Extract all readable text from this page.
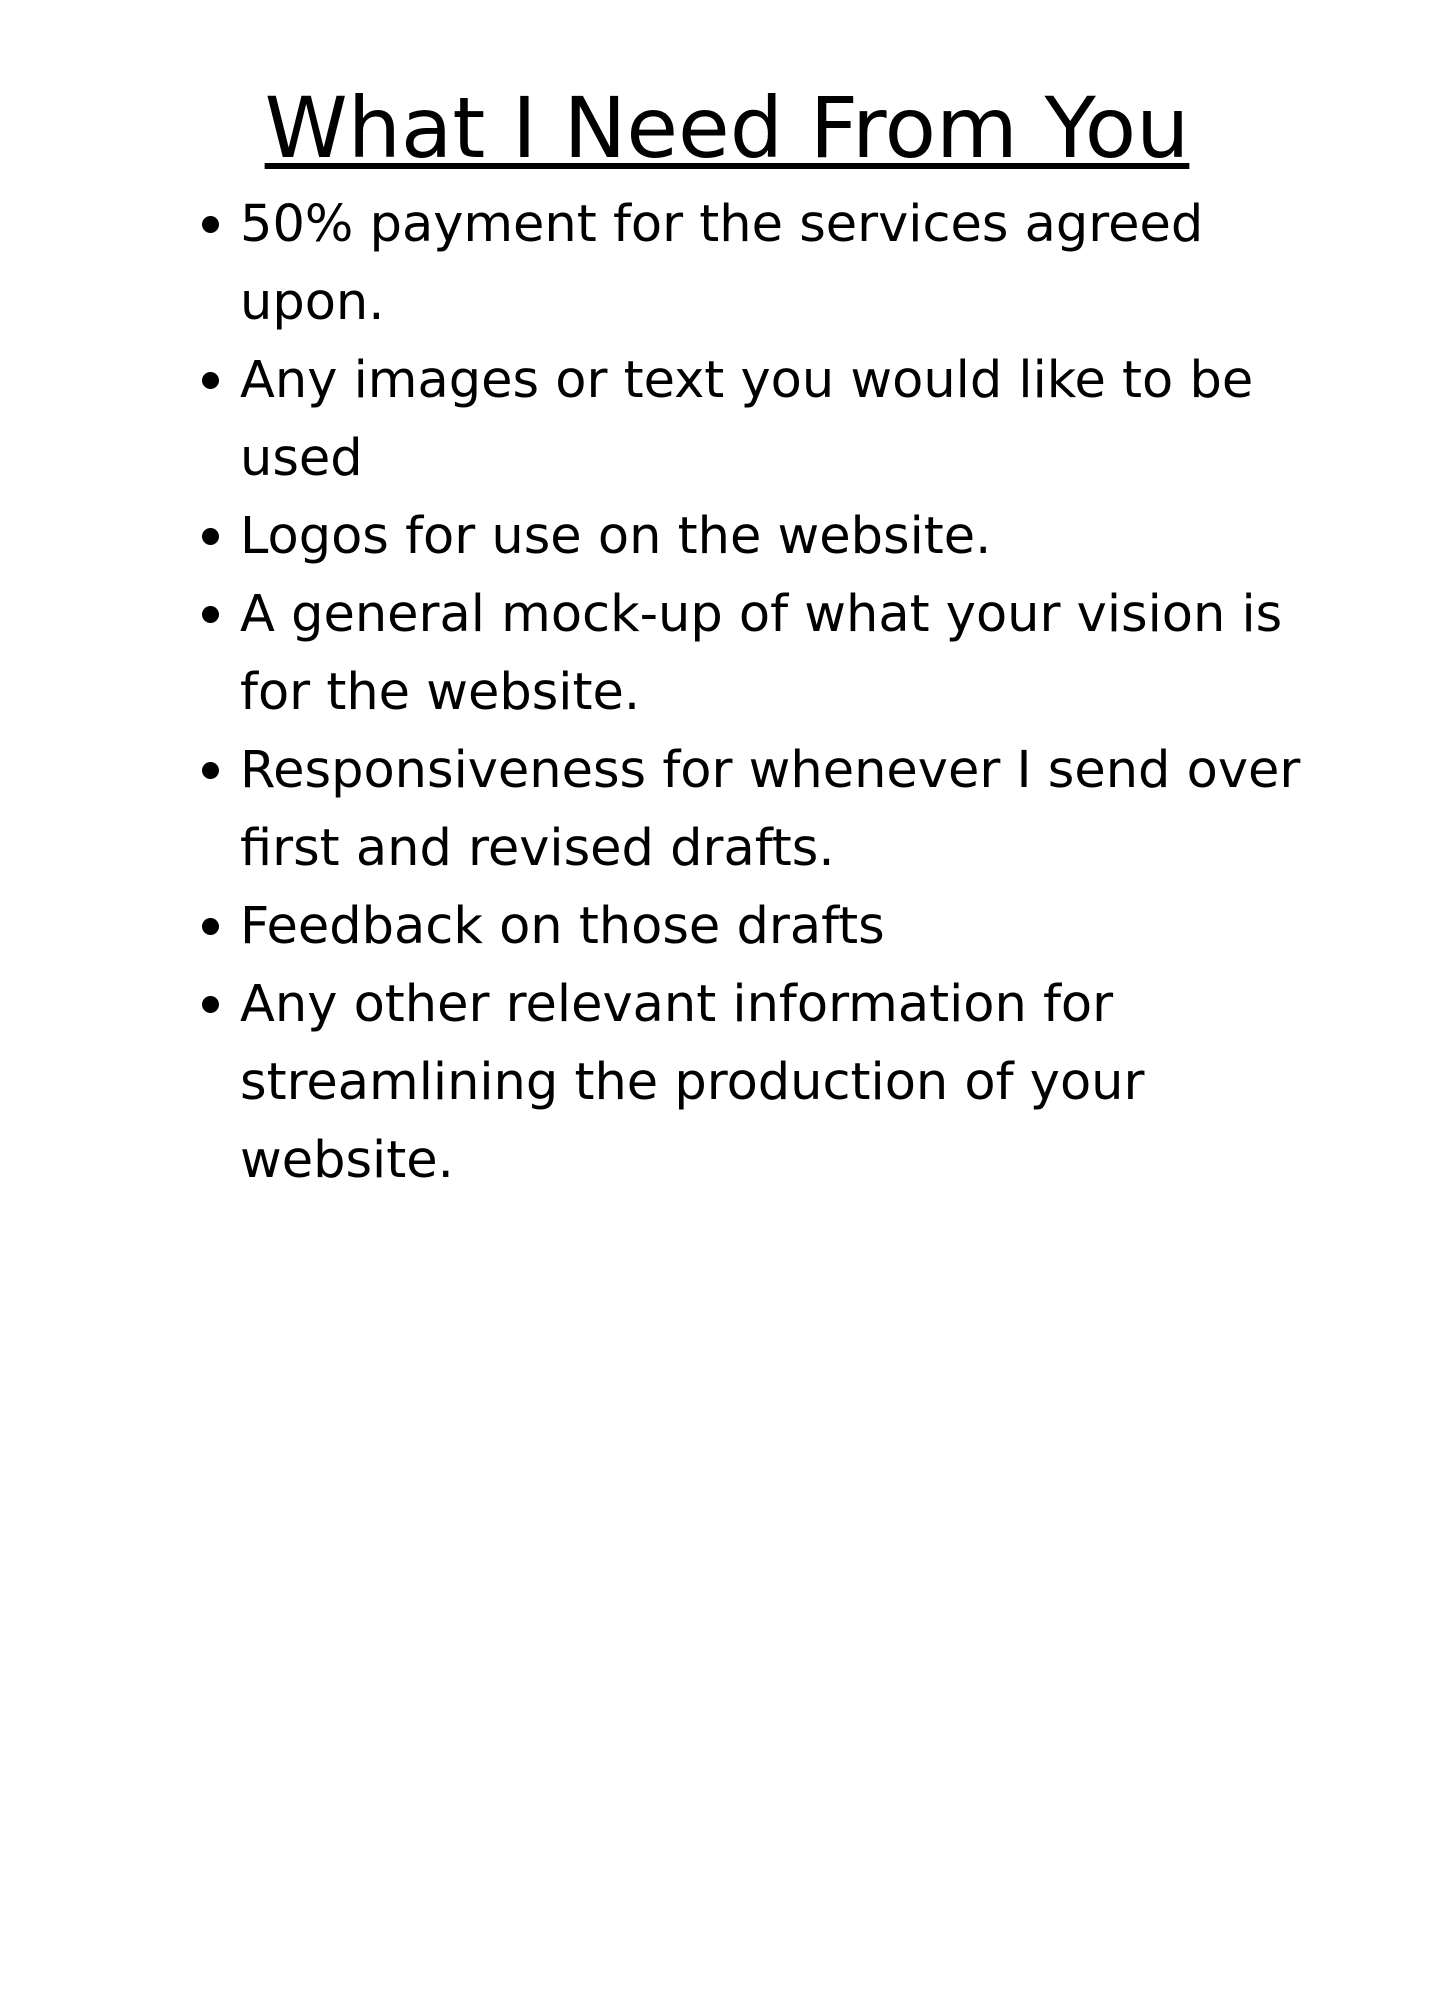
What I Need From You
50% payment for the services agreed upon.
Any images or text you would like to be used
Logos for use on the website.
A general mock-up of what your vision is for the website.
Responsiveness for whenever I send over first and revised drafts.
Feedback on those drafts
Any other relevant information for streamlining the production of your website.
